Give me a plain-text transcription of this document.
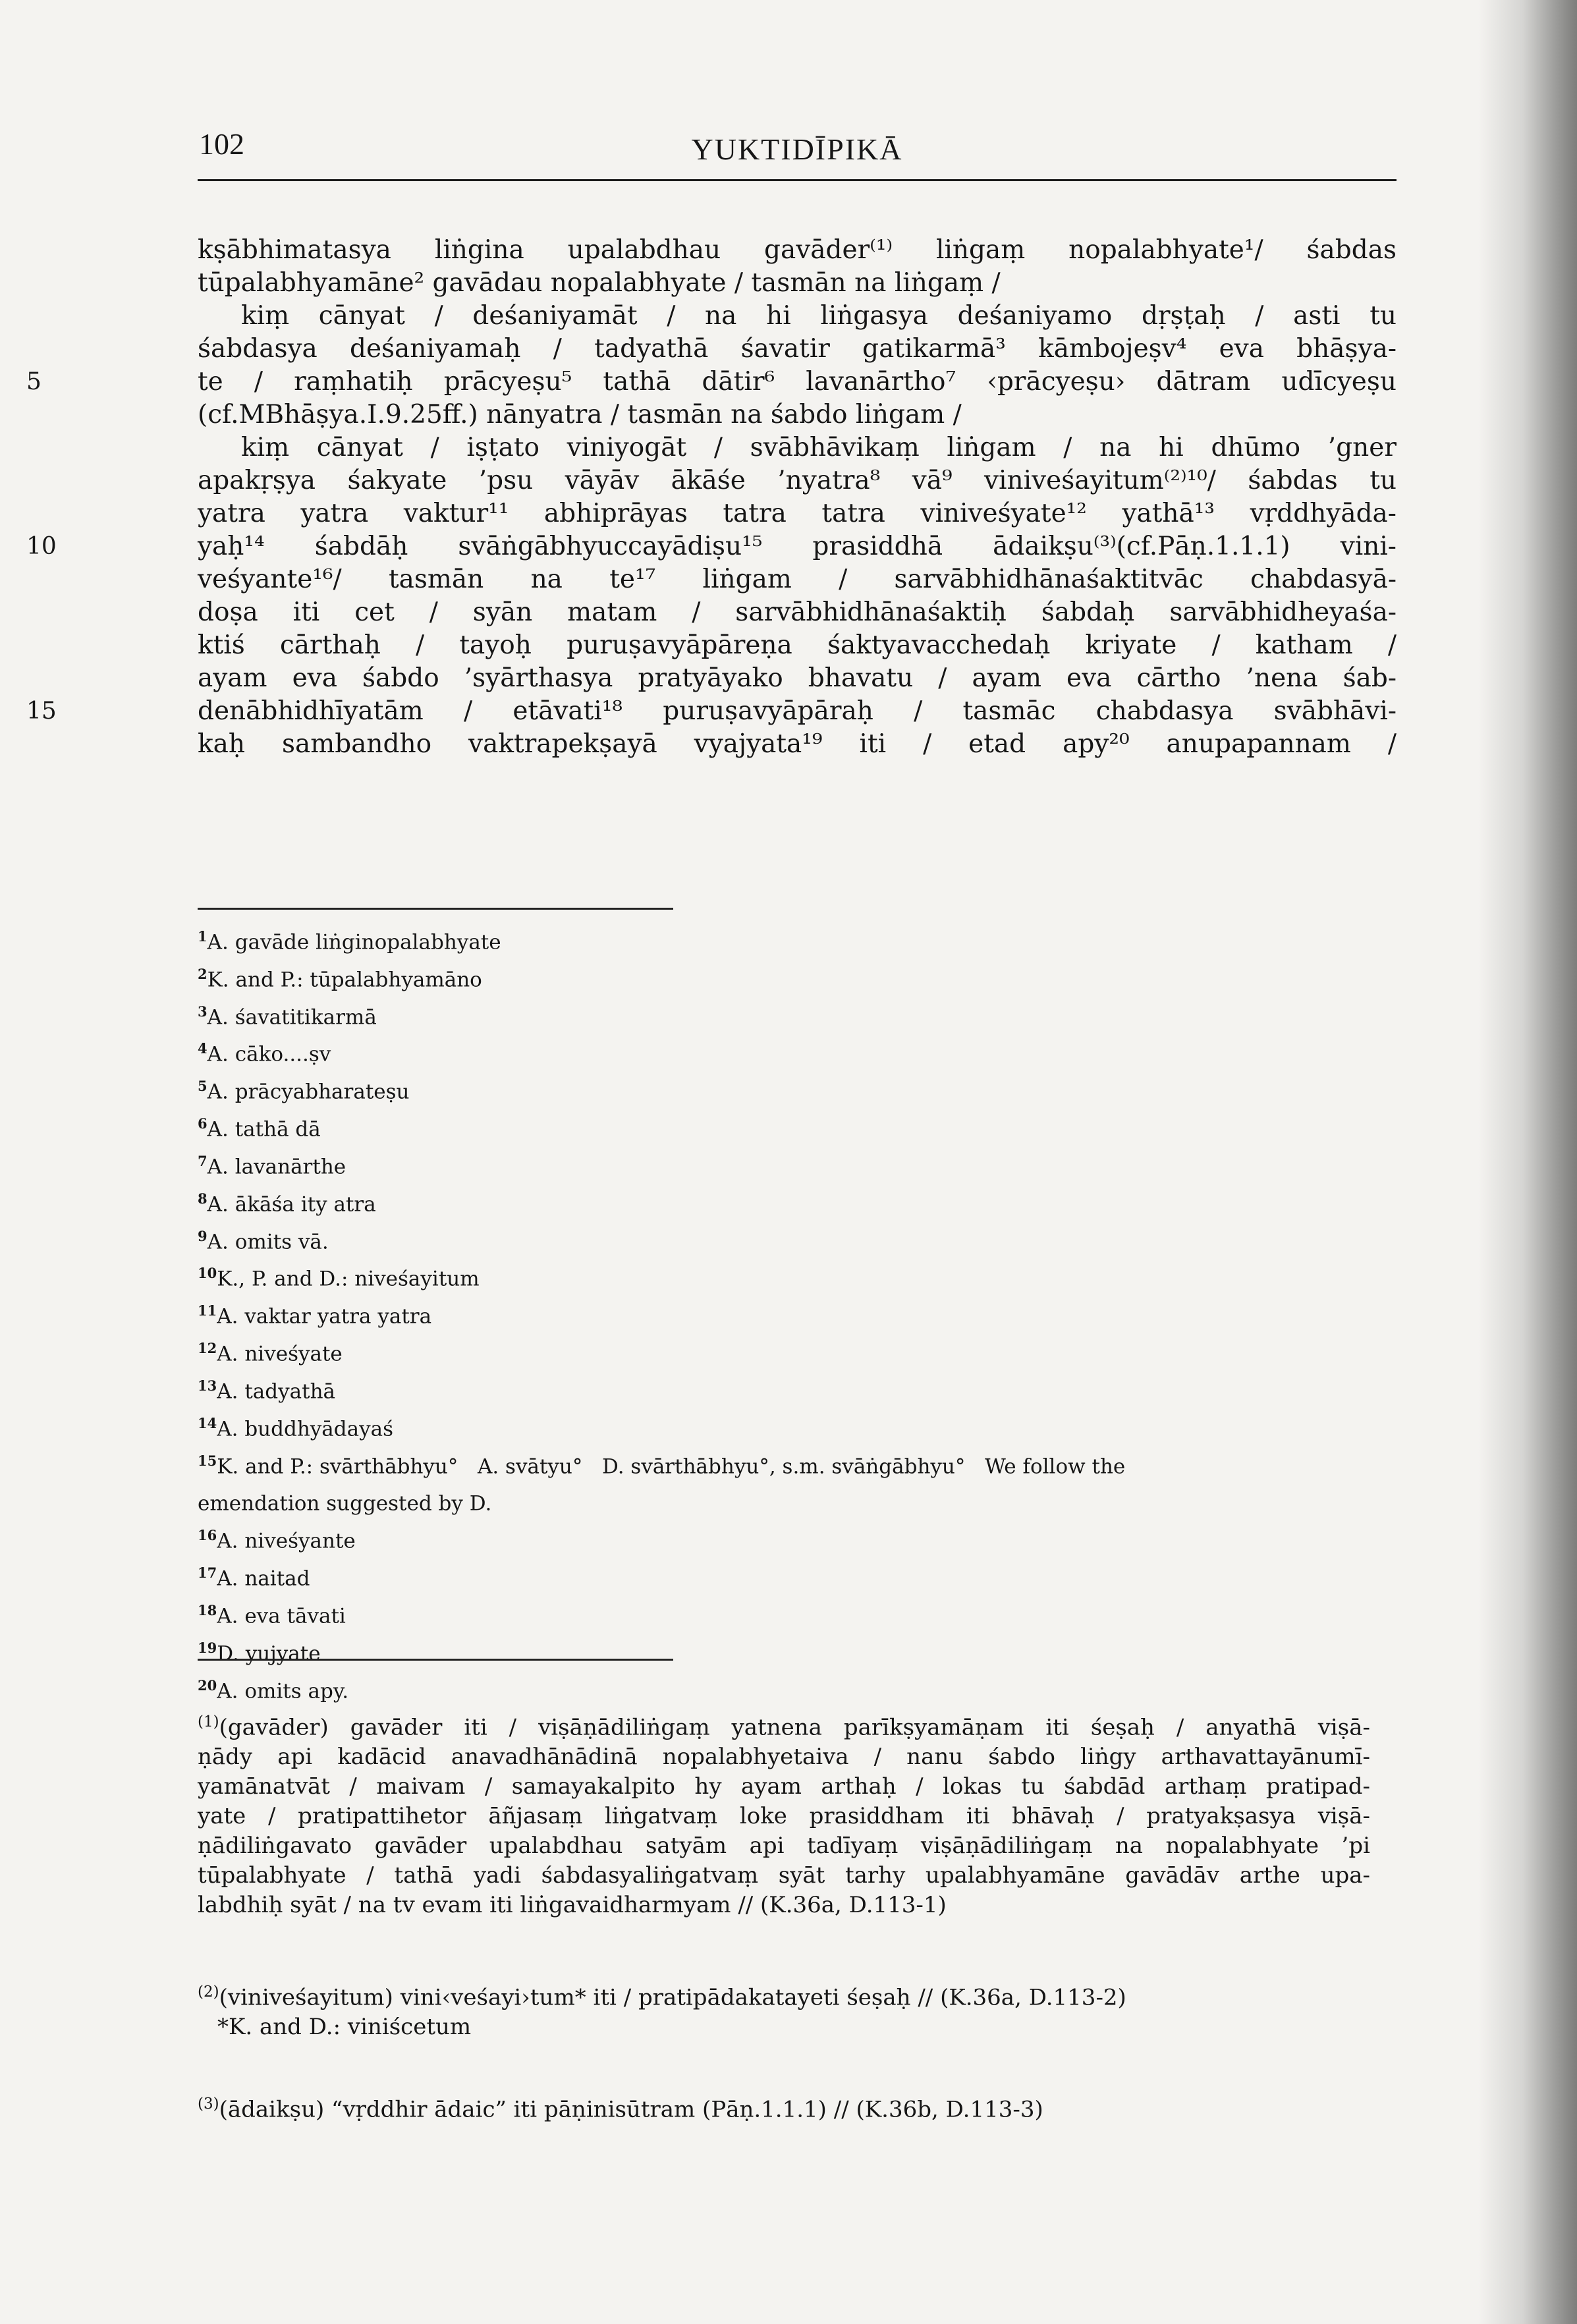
102	YUKTIDĪPIKĀ
kṣābhimatasya liṅgina upalabdhau gavāder⁽¹⁾ liṅgaṃ nopalabhyate¹/ śabdas
tūpalabhyamāne² gavādau nopalabhyate / tasmān na liṅgaṃ /
kiṃ cānyat / deśaniyamāt / na hi liṅgasya deśaniyamo dṛṣṭaḥ / asti tu
śabdasya deśaniyamaḥ / tadyathā śavatir gatikarmā³ kāmbojeṣv⁴ eva bhāṣya-
5	te / raṃhatiḥ prācyeṣu⁵ tathā dātir⁶ lavanārtho⁷ ‹prācyeṣu› dātram udīcyeṣu
(cf.MBhāṣya.I.9.25ff.) nānyatra / tasmān na śabdo liṅgam /
kiṃ cānyat / iṣṭato viniyogāt / svābhāvikaṃ liṅgam / na hi dhūmo ’gner
apakṛṣya śakyate ’psu vāyāv ākāśe ’nyatra⁸ vā⁹ viniveśayitum⁽²⁾¹⁰/ śabdas tu
yatra yatra vaktur¹¹ abhiprāyas tatra tatra viniveśyate¹² yathā¹³ vṛddhyāda-
10	yaḥ¹⁴ śabdāḥ svāṅgābhyuccayādiṣu¹⁵ prasiddhā ādaikṣu⁽³⁾(cf.Pāṇ.1.1.1) vini-
veśyante¹⁶/ tasmān na te¹⁷ liṅgam / sarvābhidhānaśaktitvāc chabdasyā-
doṣa iti cet / syān matam / sarvābhidhānaśaktiḥ śabdaḥ sarvābhidheyaśa-
ktiś cārthaḥ / tayoḥ puruṣavyāpāreṇa śaktyavacchedaḥ kriyate / katham /
ayam eva śabdo ’syārthasya pratyāyako bhavatu / ayam eva cārtho ’nena śab-
15	denābhidhīyatām / etāvati¹⁸ puruṣavyāpāraḥ / tasmāc chabdasya svābhāvi-
kaḥ sambandho vaktrapekṣayā vyajyata¹⁹ iti / etad apy²⁰ anupapannam /
$^1$A. gavāde liṅginopalabhyate
$^2$K. and P.: tūpalabhyamāno
$^3$A. śavatitikarmā
$^4$A. cāko....ṣv
$^5$A. prācyabharateṣu
$^6$A. tathā dā
$^7$A. lavanārthe
$^8$A. ākāśa ity atra
$^9$A. omits vā.
$^{10}$K., P. and D.: niveśayitum
$^{11}$A. vaktar yatra yatra
$^{12}$A. niveśyate
$^{13}$A. tadyathā
$^{14}$A. buddhyādayaś
$^{15}$K. and P.: svārthābhyu°   A. svātyu°   D. svārthābhyu°, s.m. svāṅgābhyu°   We follow the
emendation suggested by D.
$^{16}$A. niveśyante
$^{17}$A. naitad
$^{18}$A. eva tāvati
$^{19}$D. yujyate
$^{20}$A. omits apy.
$^{(1)}$(gavāder) gavāder iti / viṣāṇādiliṅgaṃ yatnena parīkṣyamāṇam iti śeṣaḥ / anyathā viṣā-
ṇādy api kadācid anavadhānādinā nopalabhyetaiva / nanu śabdo liṅgy arthavattayānumī-
yamānatvāt / maivam / samayakalpito hy ayam arthaḥ / lokas tu śabdād arthaṃ pratipad-
yate / pratipattihetor āñjasaṃ liṅgatvaṃ loke prasiddham iti bhāvaḥ / pratyakṣasya viṣā-
ṇādiliṅgavato gavāder upalabdhau satyām api tadīyaṃ viṣāṇādiliṅgaṃ na nopalabhyate ’pi
tūpalabhyate / tathā yadi śabdasyaliṅgatvaṃ syāt tarhy upalabhyamāne gavādāv arthe upa-
labdhiḥ syāt / na tv evam iti liṅgavaidharmyam // (K.36a, D.113-1)
$^{(2)}$(viniveśayitum) vini‹veśayi›tum* iti / pratipādakatayeti śeṣaḥ // (K.36a, D.113-2)
*K. and D.: viniścetum
$^{(3)}$(ādaikṣu) “vṛddhir ādaic” iti pāṇinisūtram (Pāṇ.1.1.1) // (K.36b, D.113-3)
